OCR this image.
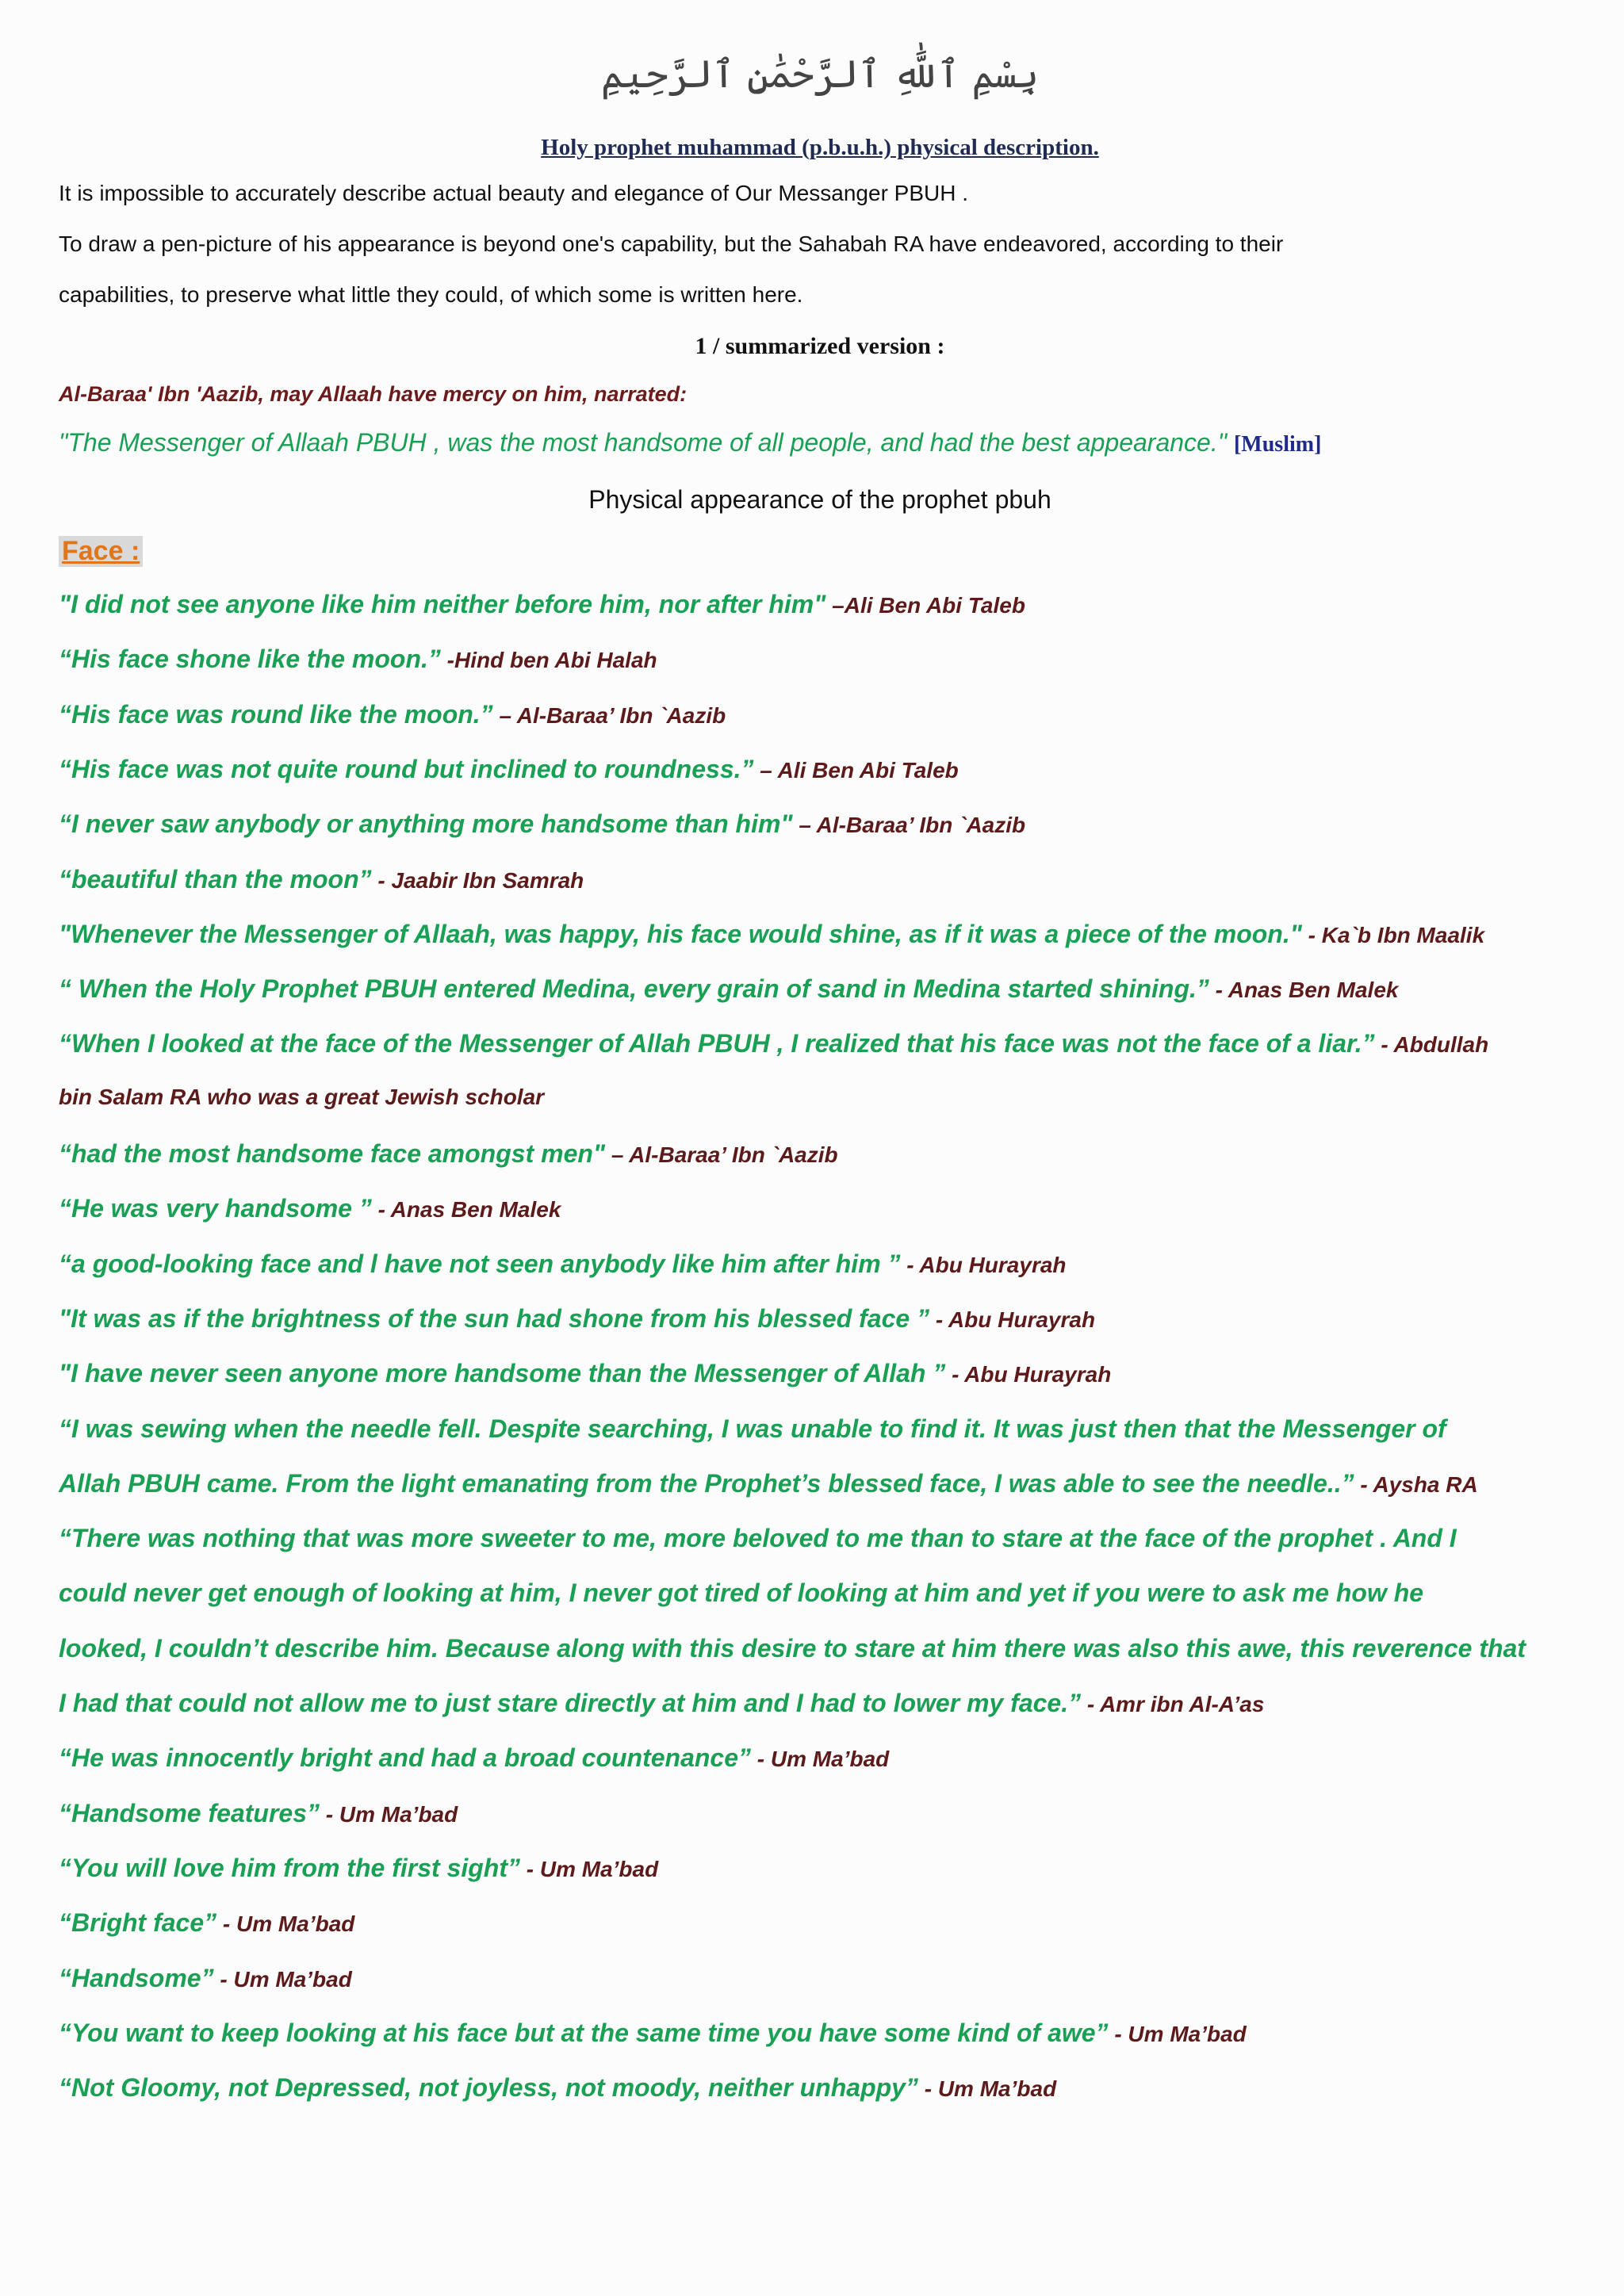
بِسْمِ ٱللَّٰهِ ٱلرَّحْمَٰنِ ٱلرَّحِيمِ
Holy prophet muhammad (p.b.u.h.) physical description.
It is impossible to accurately describe actual beauty and elegance of Our Messanger PBUH .
To draw a pen-picture of his appearance is beyond one's capability, but the Sahabah RA have endeavored, according to their
capabilities, to preserve what little they could, of which some is written here.
1 / summarized version :
Al-Baraa' Ibn 'Aazib, may Allaah have mercy on him, narrated:
"The Messenger of Allaah PBUH , was the most handsome of all people, and had the best appearance." [Muslim]
Physical appearance of the prophet pbuh
Face :
"I did not see anyone like him neither before him, nor after him" –Ali Ben Abi Taleb
“His face shone like the moon.” -Hind ben Abi Halah
“His face was round like the moon.” – Al-Baraa’ Ibn `Aazib
“His face was not quite round but inclined to roundness.” – Ali Ben Abi Taleb
“I never saw anybody or anything more handsome than him" – Al-Baraa’ Ibn `Aazib
“beautiful than the moon” - Jaabir Ibn Samrah
"Whenever the Messenger of Allaah, was happy, his face would shine, as if it was a piece of the moon." - Ka`b Ibn Maalik
“ When the Holy Prophet PBUH entered Medina, every grain of sand in Medina started shining.” - Anas Ben Malek
“When I looked at the face of the Messenger of Allah PBUH , I realized that his face was not the face of a liar.” - Abdullah
bin Salam RA who was a great Jewish scholar
“had the most handsome face amongst men" – Al-Baraa’ Ibn `Aazib
“He was very handsome ” - Anas Ben Malek
“a good-looking face and l have not seen anybody like him after him ” - Abu Hurayrah
"It was as if the brightness of the sun had shone from his blessed face ” - Abu Hurayrah
"I have never seen anyone more handsome than the Messenger of Allah ” - Abu Hurayrah
“I was sewing when the needle fell. Despite searching, I was unable to find it. It was just then that the Messenger of
Allah PBUH came. From the light emanating from the Prophet’s blessed face, I was able to see the needle..” - Aysha RA
“There was nothing that was more sweeter to me, more beloved to me than to stare at the face of the prophet . And I
could never get enough of looking at him, I never got tired of looking at him and yet if you were to ask me how he
looked, I couldn’t describe him. Because along with this desire to stare at him there was also this awe, this reverence that
I had that could not allow me to just stare directly at him and I had to lower my face.” - Amr ibn Al-A’as
“He was innocently bright and had a broad countenance” - Um Ma’bad
“Handsome features” - Um Ma’bad
“You will love him from the first sight” - Um Ma’bad
“Bright face” - Um Ma’bad
“Handsome” - Um Ma’bad
“You want to keep looking at his face but at the same time you have some kind of awe” - Um Ma’bad
“Not Gloomy, not Depressed, not joyless, not moody, neither unhappy” - Um Ma’bad
